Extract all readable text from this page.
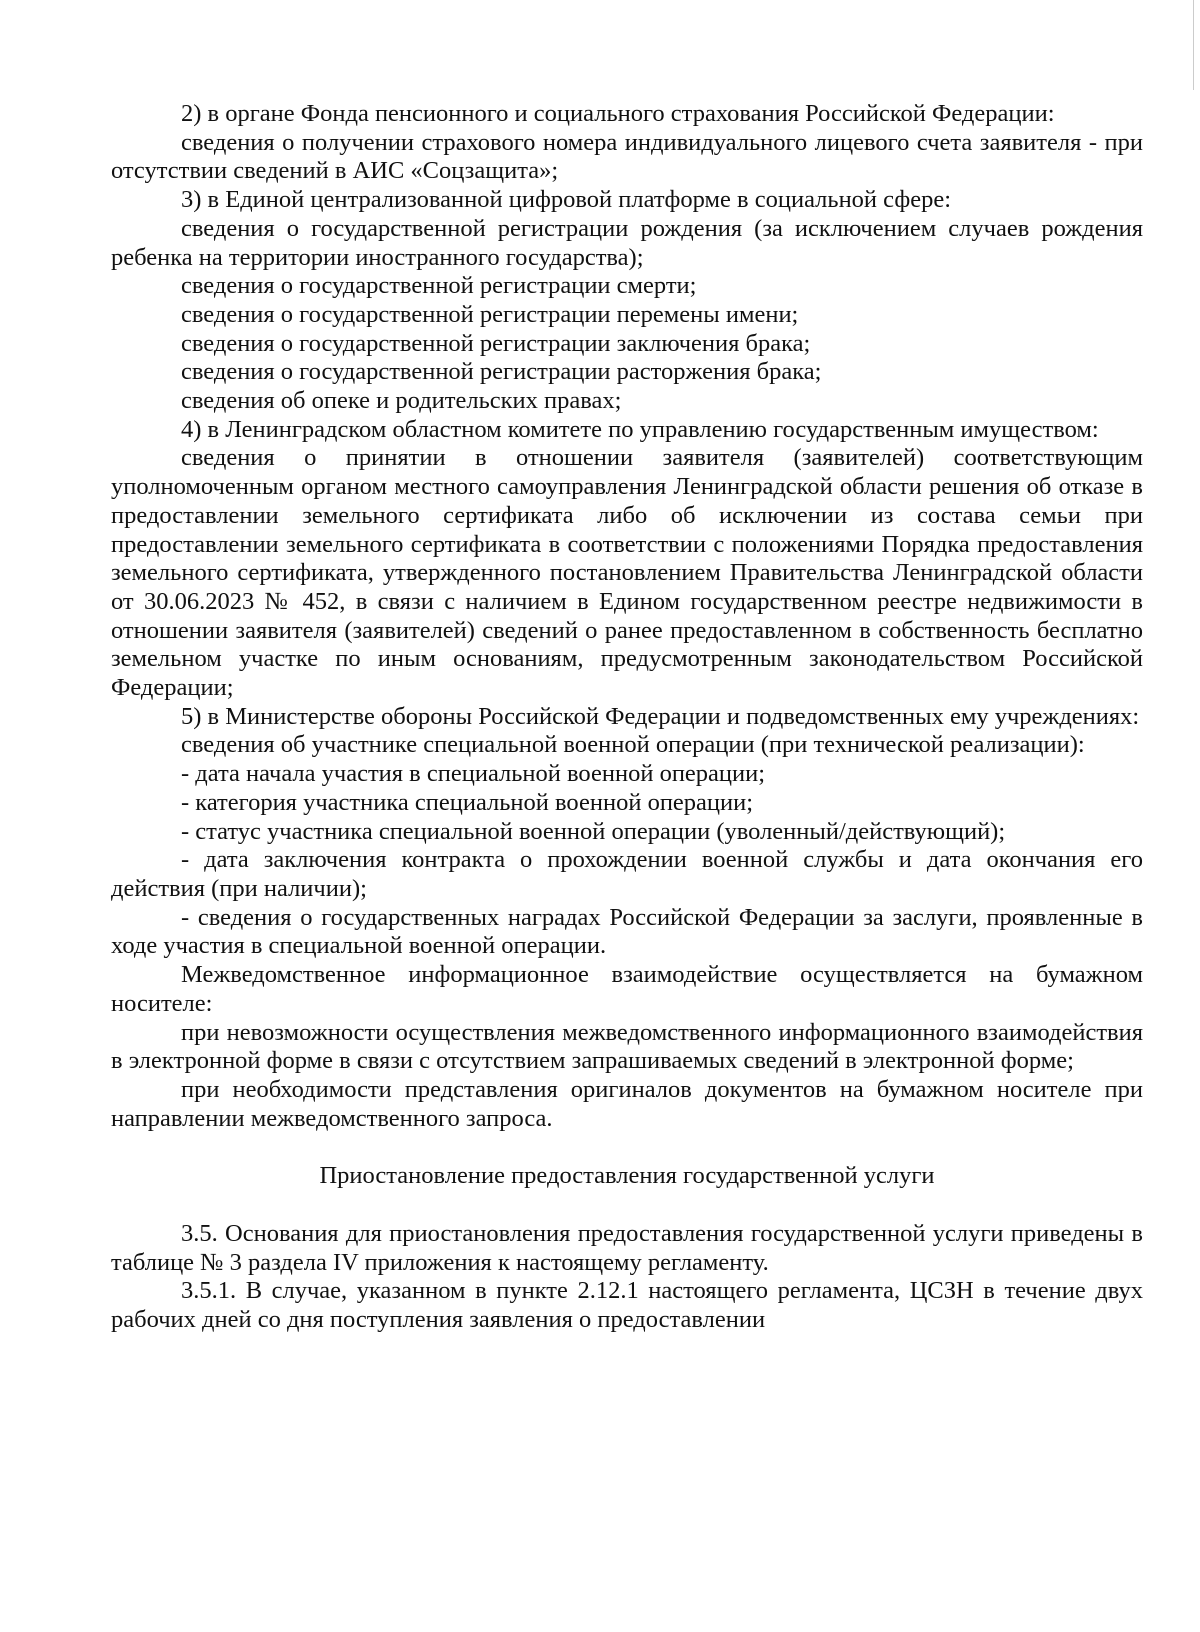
2) в органе Фонда пенсионного и социального страхования Российской Федерации:

сведения о получении страхового номера индивидуального лицевого счета заявителя - при отсутствии сведений в АИС «Соцзащита»;

3) в Единой централизованной цифровой платформе в социальной сфере:

сведения о государственной регистрации рождения (за исключением случаев рождения ребенка на территории иностранного государства);

сведения о государственной регистрации смерти;

сведения о государственной регистрации перемены имени;

сведения о государственной регистрации заключения брака;

сведения о государственной регистрации расторжения брака;

сведения об опеке и родительских правах;

4) в Ленинградском областном комитете по управлению государственным имуществом:

сведения о принятии в отношении заявителя (заявителей) соответствующим уполномоченным органом местного самоуправления Ленинградской области решения об отказе в предоставлении земельного сертификата либо об исключении из состава семьи при предоставлении земельного сертификата в соответствии с положениями Порядка предоставления земельного сертификата, утвержденного постановлением Правительства Ленинградской области от 30.06.2023 № 452, в связи с наличием в Едином государственном реестре недвижимости в отношении заявителя (заявителей) сведений о ранее предоставленном в собственность бесплатно земельном участке по иным основаниям, предусмотренным законодательством Российской Федерации;

5) в Министерстве обороны Российской Федерации и подведомственных ему учреждениях:

сведения об участнике специальной военной операции (при технической реализации):

- дата начала участия в специальной военной операции;

- категория участника специальной военной операции;

- статус участника специальной военной операции (уволенный/действующий);

- дата заключения контракта о прохождении военной службы и дата окончания его действия (при наличии);

- сведения о государственных наградах Российской Федерации за заслуги, проявленные в ходе участия в специальной военной операции.

Межведомственное информационное взаимодействие осуществляется на бумажном носителе:

при невозможности осуществления межведомственного информационного взаимодействия в электронной форме в связи с отсутствием запрашиваемых сведений в электронной форме;

при необходимости представления оригиналов документов на бумажном носителе при направлении межведомственного запроса.

Приостановление предоставления государственной услуги

3.5. Основания для приостановления предоставления государственной услуги приведены в таблице № 3 раздела IV приложения к настоящему регламенту.

3.5.1. В случае, указанном в пункте 2.12.1 настоящего регламента, ЦСЗН в течение двух рабочих дней со дня поступления заявления о предоставлении
